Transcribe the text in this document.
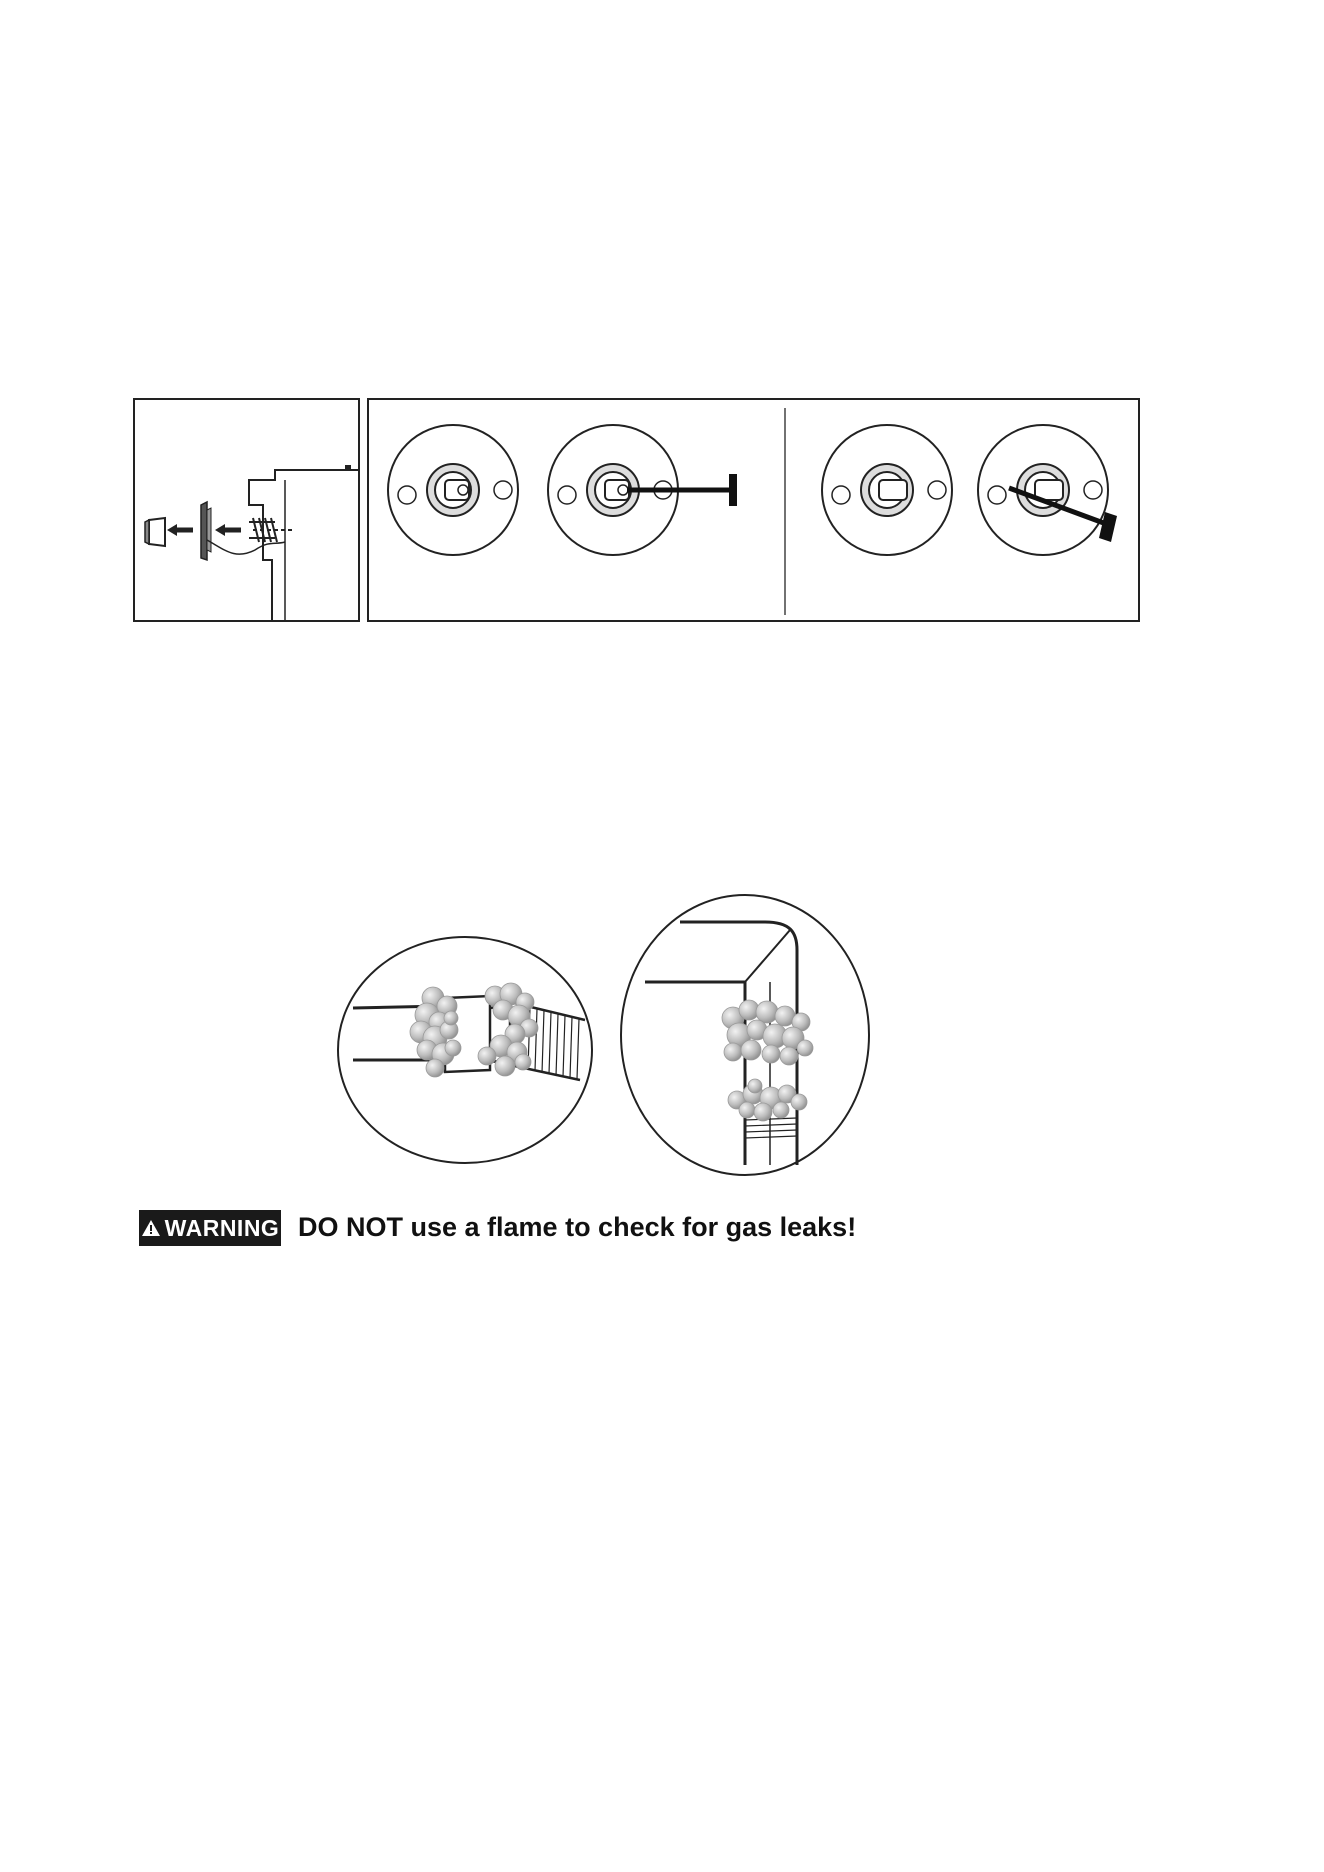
WARNING DO NOT use a flame to check for gas leaks!
